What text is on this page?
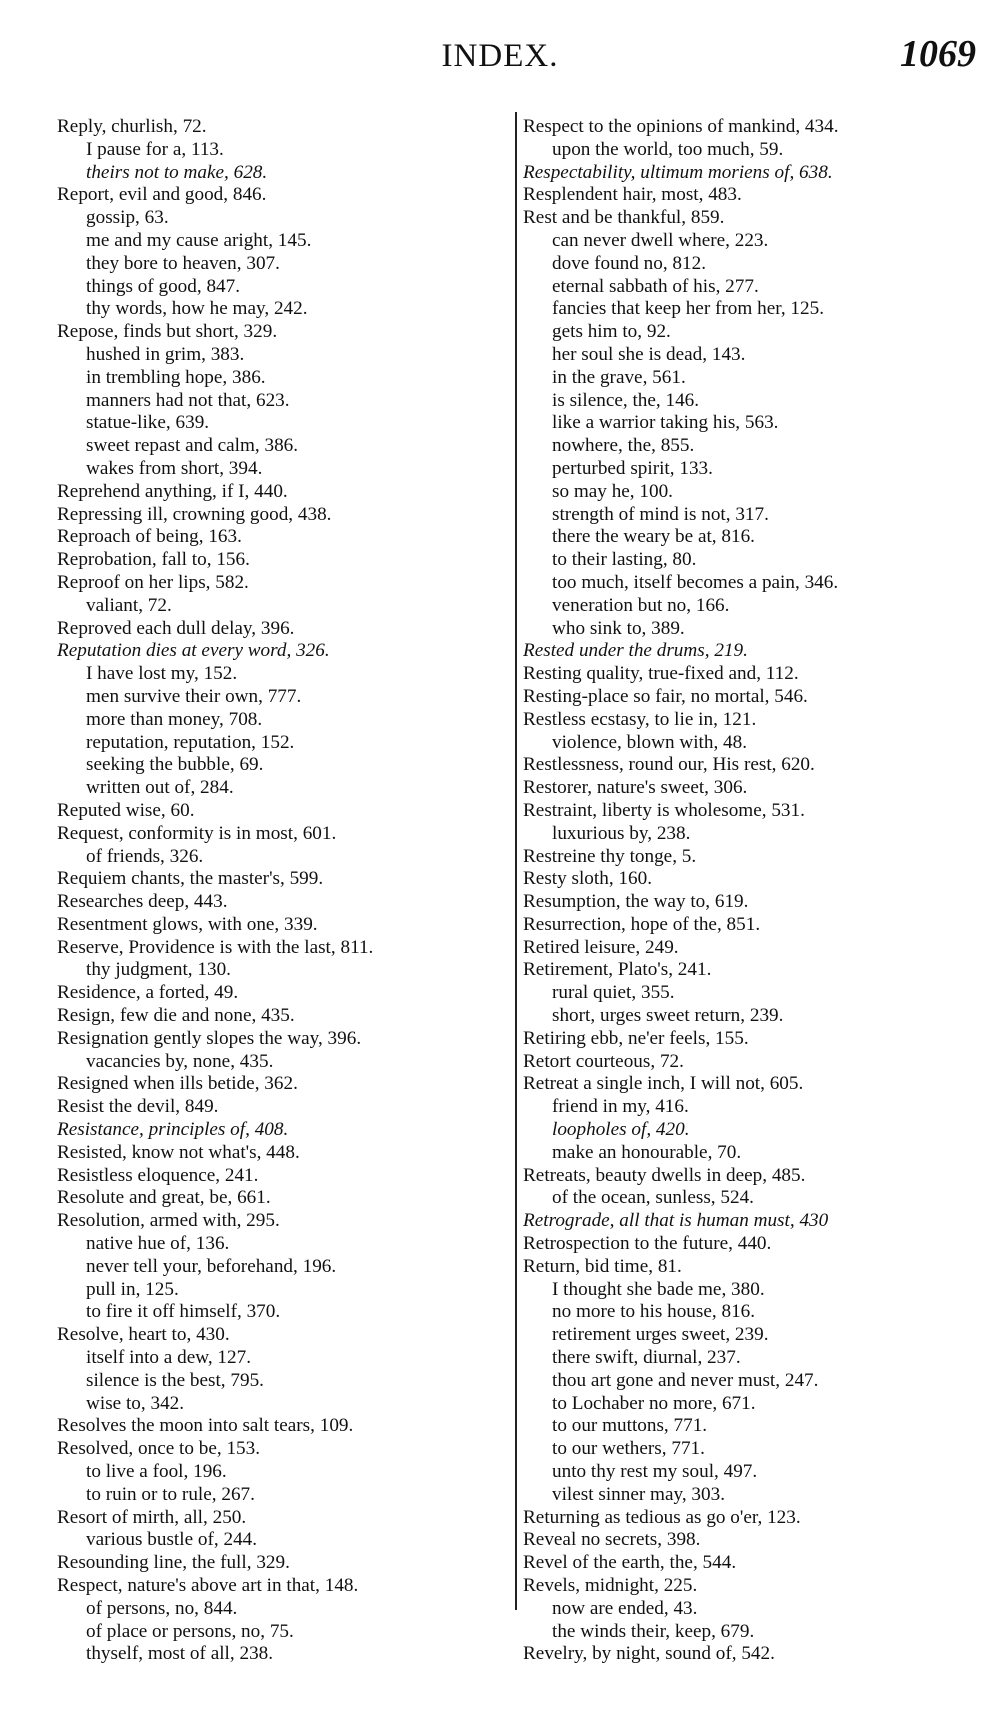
INDEX.	1069
Reply, churlish, 72.
I pause for a, 113.
theirs not to make, 628.
Report, evil and good, 846.
gossip, 63.
me and my cause aright, 145.
they bore to heaven, 307.
things of good, 847.
thy words, how he may, 242.
Repose, finds but short, 329.
hushed in grim, 383.
in trembling hope, 386.
manners had not that, 623.
statue-like, 639.
sweet repast and calm, 386.
wakes from short, 394.
Reprehend anything, if I, 440.
Repressing ill, crowning good, 438.
Reproach of being, 163.
Reprobation, fall to, 156.
Reproof on her lips, 582.
valiant, 72.
Reproved each dull delay, 396.
Reputation dies at every word, 326.
I have lost my, 152.
men survive their own, 777.
more than money, 708.
reputation, reputation, 152.
seeking the bubble, 69.
written out of, 284.
Reputed wise, 60.
Request, conformity is in most, 601.
of friends, 326.
Requiem chants, the master's, 599.
Researches deep, 443.
Resentment glows, with one, 339.
Reserve, Providence is with the last, 811.
thy judgment, 130.
Residence, a forted, 49.
Resign, few die and none, 435.
Resignation gently slopes the way, 396.
vacancies by, none, 435.
Resigned when ills betide, 362.
Resist the devil, 849.
Resistance, principles of, 408.
Resisted, know not what's, 448.
Resistless eloquence, 241.
Resolute and great, be, 661.
Resolution, armed with, 295.
native hue of, 136.
never tell your, beforehand, 196.
pull in, 125.
to fire it off himself, 370.
Resolve, heart to, 430.
itself into a dew, 127.
silence is the best, 795.
wise to, 342.
Resolves the moon into salt tears, 109.
Resolved, once to be, 153.
to live a fool, 196.
to ruin or to rule, 267.
Resort of mirth, all, 250.
various bustle of, 244.
Resounding line, the full, 329.
Respect, nature's above art in that, 148.
of persons, no, 844.
of place or persons, no, 75.
thyself, most of all, 238.
Respect to the opinions of mankind, 434.
upon the world, too much, 59.
Respectability, ultimum moriens of, 638.
Resplendent hair, most, 483.
Rest and be thankful, 859.
can never dwell where, 223.
dove found no, 812.
eternal sabbath of his, 277.
fancies that keep her from her, 125.
gets him to, 92.
her soul she is dead, 143.
in the grave, 561.
is silence, the, 146.
like a warrior taking his, 563.
nowhere, the, 855.
perturbed spirit, 133.
so may he, 100.
strength of mind is not, 317.
there the weary be at, 816.
to their lasting, 80.
too much, itself becomes a pain, 346.
veneration but no, 166.
who sink to, 389.
Rested under the drums, 219.
Resting quality, true-fixed and, 112.
Resting-place so fair, no mortal, 546.
Restless ecstasy, to lie in, 121.
violence, blown with, 48.
Restlessness, round our, His rest, 620.
Restorer, nature's sweet, 306.
Restraint, liberty is wholesome, 531.
luxurious by, 238.
Restreine thy tonge, 5.
Resty sloth, 160.
Resumption, the way to, 619.
Resurrection, hope of the, 851.
Retired leisure, 249.
Retirement, Plato's, 241.
rural quiet, 355.
short, urges sweet return, 239.
Retiring ebb, ne'er feels, 155.
Retort courteous, 72.
Retreat a single inch, I will not, 605.
friend in my, 416.
loopholes of, 420.
make an honourable, 70.
Retreats, beauty dwells in deep, 485.
of the ocean, sunless, 524.
Retrograde, all that is human must, 430
Retrospection to the future, 440.
Return, bid time, 81.
I thought she bade me, 380.
no more to his house, 816.
retirement urges sweet, 239.
there swift, diurnal, 237.
thou art gone and never must, 247.
to Lochaber no more, 671.
to our muttons, 771.
to our wethers, 771.
unto thy rest my soul, 497.
vilest sinner may, 303.
Returning as tedious as go o'er, 123.
Reveal no secrets, 398.
Revel of the earth, the, 544.
Revels, midnight, 225.
now are ended, 43.
the winds their, keep, 679.
Revelry, by night, sound of, 542.
